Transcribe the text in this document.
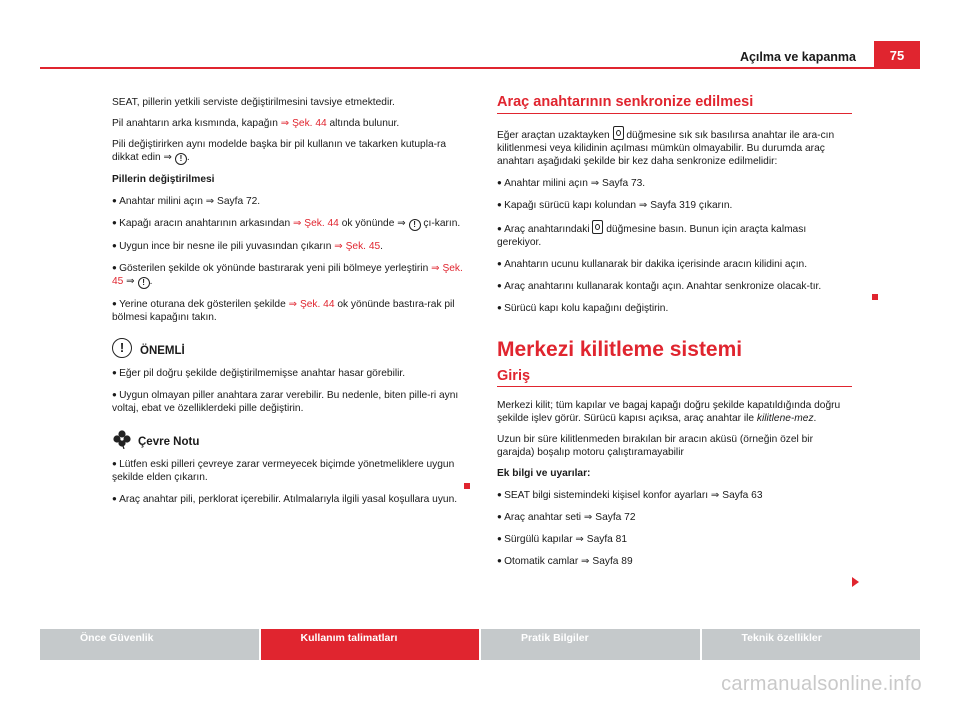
Açılma ve kapanma	75

SEAT, pillerin yetkili serviste değiştirilmesini tavsiye etmektedir.

Pil anahtarın arka kısmında, kapağın ⇒ Şek. 44 altında bulunur.

Pili değiştirirken aynı modelde başka bir pil kullanın ve takarken kutupla-ra dikkat edin ⇒ ! .

Pillerin değiştirilmesi

● Anahtar milini açın ⇒ Sayfa 72.

● Kapağı aracın anahtarının arkasından ⇒ Şek. 44 ok yönünde ⇒ ! çı-karın.

● Uygun ince bir nesne ile pili yuvasından çıkarın ⇒ Şek. 45.

● Gösterilen şekilde ok yönünde bastırarak yeni pili bölmeye yerleştirin ⇒ Şek. 45 ⇒ ! .

● Yerine oturana dek gösterilen şekilde ⇒ Şek. 44 ok yönünde bastıra-rak pil bölmesi kapağını takın.

!	ÖNEMLİ

● Eğer pil doğru şekilde değiştirilmemişse anahtar hasar görebilir.

● Uygun olmayan piller anahtara zarar verebilir. Bu nedenle, biten pille-ri aynı voltaj, ebat ve özelliklerdeki pille değiştirin.

Çevre Notu

● Lütfen eski pilleri çevreye zarar vermeyecek biçimde yönetmeliklere uygun şekilde elden çıkarın.

● Araç anahtar pili, perklorat içerebilir. Atılmalarıyla ilgili yasal koşullara uyun.

Araç anahtarının senkronize edilmesi

Eğer araçtan uzaktayken  düğmesine sık sık basılırsa anahtar ile ara-cın kilitlenmesi veya kilidinin açılması mümkün olmayabilir. Bu durumda araç anahtarı aşağıdaki şekilde bir kez daha senkronize edilmelidir:

● Anahtar milini açın ⇒ Sayfa 73.

● Kapağı sürücü kapı kolundan ⇒ Sayfa 319 çıkarın.

● Araç anahtarındaki  düğmesine basın. Bunun için araçta kalması gerekiyor.

● Anahtarın ucunu kullanarak bir dakika içerisinde aracın kilidini açın.

● Araç anahtarını kullanarak kontağı açın. Anahtar senkronize olacak-tır.

● Sürücü kapı kolu kapağını değiştirin.

Merkezi kilitleme sistemi
Giriş

Merkezi kilit; tüm kapılar ve bagaj kapağı doğru şekilde kapatıldığında doğru şekilde işlev görür. Sürücü kapısı açıksa, araç anahtar ile kilitlene-mez.

Uzun bir süre kilitlenmeden bırakılan bir aracın aküsü (örneğin özel bir garajda) boşalıp motoru çalıştıramayabilir

Ek bilgi ve uyarılar:

● SEAT bilgi sistemindeki kişisel konfor ayarları ⇒ Sayfa 63

● Araç anahtar seti ⇒ Sayfa 72

● Sürgülü kapılar ⇒ Sayfa 81

● Otomatik camlar ⇒ Sayfa 89

Önce Güvenlik	Kullanım talimatları	Pratik Bilgiler	Teknik özellikler
carmanualsonline.info
